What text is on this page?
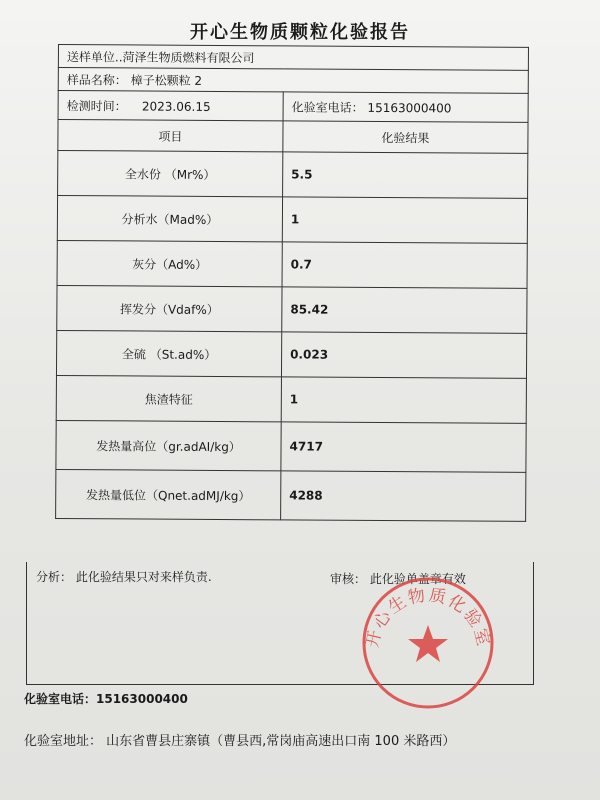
开心生物质颗粒化验报告
送样单位..菏泽生物质燃料有限公司	
样品名称： 樟子松颗粒 2	
检测时间： 2023.06.15	化验室电话： 15163000400
项目	化验结果
全水份 （Mr%）	5.5
分析水（Mad%）	1
灰分（Ad%）	0.7
挥发分（Vdaf%）	85.42
全硫 （St.ad%）	0.023
焦渣特征	1
发热量高位（gr.adAI/kg）	4717
发热量低位（Qnet.adMJ/kg）	4288
分析： 此化验结果只对来样负责.	审核： 此化验单盖章有效
开心生物质化验室
化验室电话：15163000400
化验室地址： 山东省曹县庄寨镇（曹县西,常岗庙高速出口南 100 米路西）
